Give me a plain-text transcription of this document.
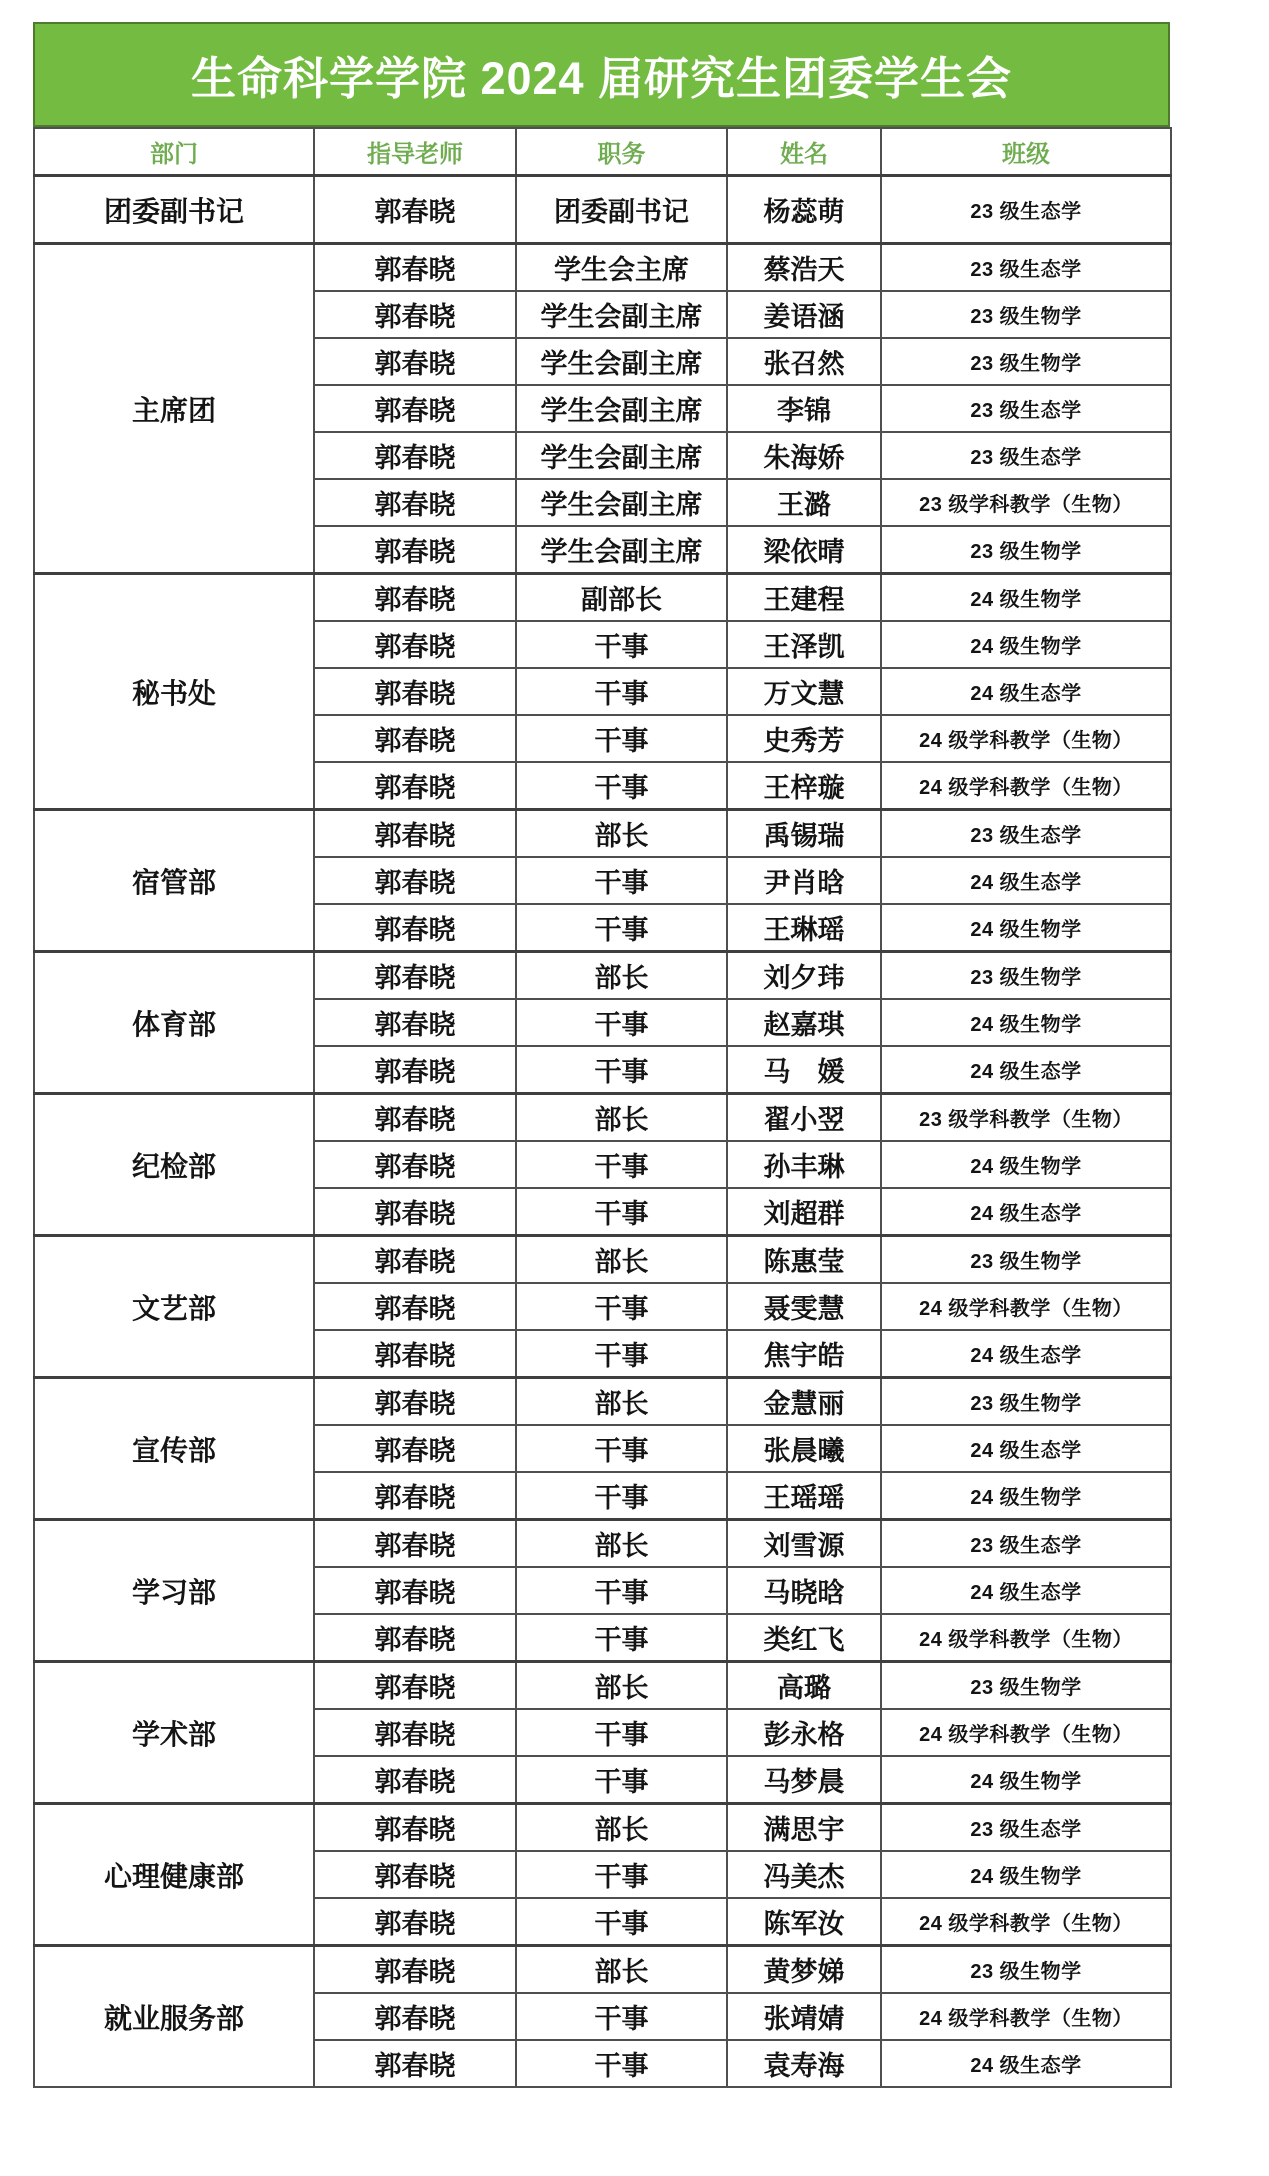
生命科学学院 2024 届研究生团委学生会
部门	指导老师	职务	姓名	班级
团委副书记	郭春晓	团委副书记	杨蕊萌	23 级生态学
主席团	郭春晓	学生会主席	蔡浩天	23 级生态学
	郭春晓	学生会副主席	姜语涵	23 级生物学
	郭春晓	学生会副主席	张召然	23 级生物学
	郭春晓	学生会副主席	李锦	23 级生态学
	郭春晓	学生会副主席	朱海娇	23 级生态学
	郭春晓	学生会副主席	王潞	23 级学科教学（生物）
	郭春晓	学生会副主席	梁依晴	23 级生物学
秘书处	郭春晓	副部长	王建程	24 级生物学
	郭春晓	干事	王泽凯	24 级生物学
	郭春晓	干事	万文慧	24 级生态学
	郭春晓	干事	史秀芳	24 级学科教学（生物）
	郭春晓	干事	王梓璇	24 级学科教学（生物）
宿管部	郭春晓	部长	禹锡瑞	23 级生态学
	郭春晓	干事	尹肖晗	24 级生态学
	郭春晓	干事	王琳瑶	24 级生物学
体育部	郭春晓	部长	刘夕玮	23 级生物学
	郭春晓	干事	赵嘉琪	24 级生物学
	郭春晓	干事	马　媛	24 级生态学
纪检部	郭春晓	部长	翟小翌	23 级学科教学（生物）
	郭春晓	干事	孙丰琳	24 级生物学
	郭春晓	干事	刘超群	24 级生态学
文艺部	郭春晓	部长	陈惠莹	23 级生物学
	郭春晓	干事	聂雯慧	24 级学科教学（生物）
	郭春晓	干事	焦宇皓	24 级生态学
宣传部	郭春晓	部长	金慧丽	23 级生物学
	郭春晓	干事	张晨曦	24 级生态学
	郭春晓	干事	王瑶瑶	24 级生物学
学习部	郭春晓	部长	刘雪源	23 级生态学
	郭春晓	干事	马晓晗	24 级生态学
	郭春晓	干事	类红飞	24 级学科教学（生物）
学术部	郭春晓	部长	高璐	23 级生物学
	郭春晓	干事	彭永格	24 级学科教学（生物）
	郭春晓	干事	马梦晨	24 级生物学
心理健康部	郭春晓	部长	满思宇	23 级生态学
	郭春晓	干事	冯美杰	24 级生物学
	郭春晓	干事	陈军汝	24 级学科教学（生物）
就业服务部	郭春晓	部长	黄梦娣	23 级生物学
	郭春晓	干事	张靖婧	24 级学科教学（生物）
	郭春晓	干事	袁寿海	24 级生态学
